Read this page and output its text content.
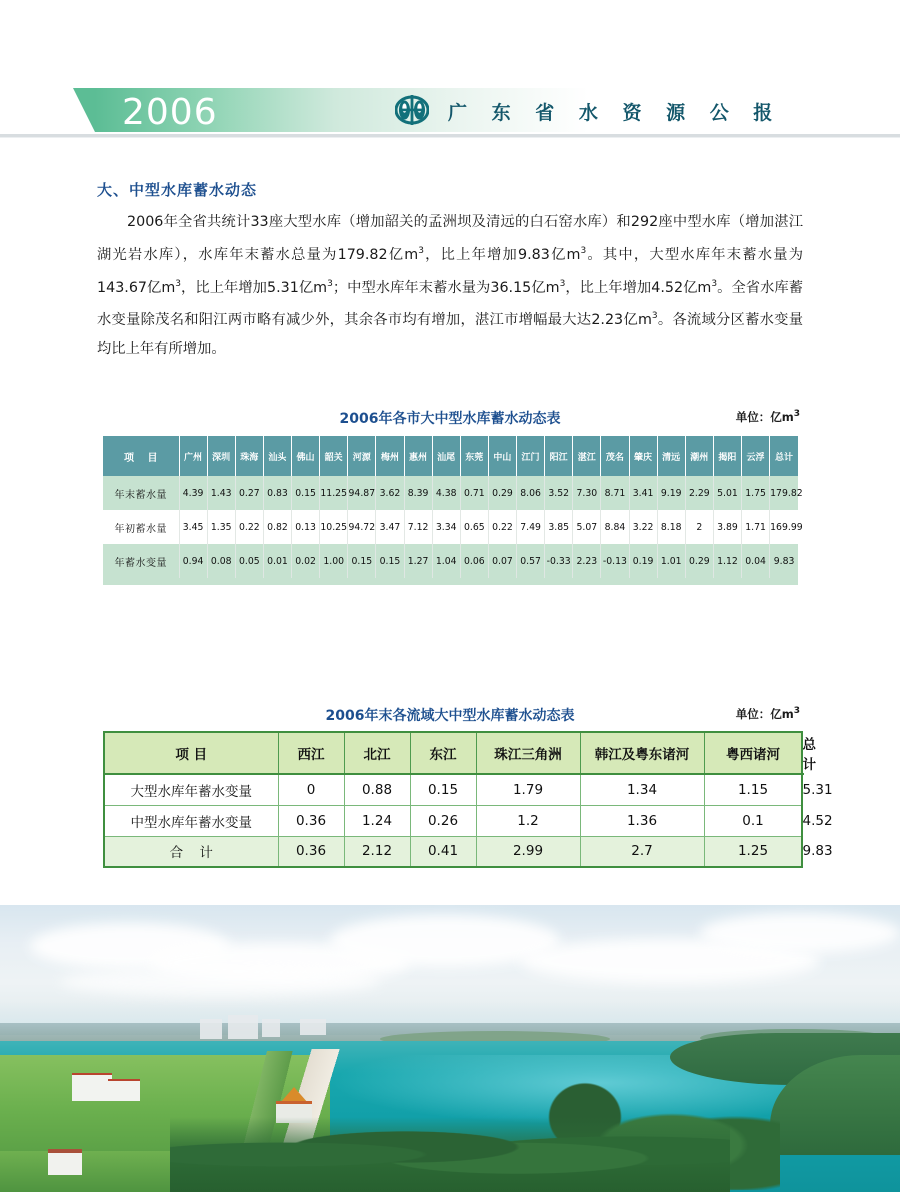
2006	广 东 省 水 资 源 公 报
大、中型水库蓄水动态
2006年全省共统计33座大型水库（增加韶关的孟洲坝及清远的白石窑水库）和292座中型水库（增加湛江湖光岩水库），水库年末蓄水总量为179.82亿$m^3$，比上年增加9.83亿$m^3$。其中，大型水库年末蓄水量为143.67亿$m^3$，比上年增加5.31亿$m^3$；中型水库年末蓄水量为36.15亿$m^3$，比上年增加4.52亿$m^3$。全省水库蓄水变量除茂名和阳江两市略有减少外，其余各市均有增加，湛江市增幅最大达2.23亿$m^3$。各流域分区蓄水变量均比上年有所增加。
2006年各市大中型水库蓄水动态表	单位：亿$m^3$
项 目	广州	深圳	珠海	汕头	佛山	韶关	河源	梅州	惠州	汕尾	东莞	中山	江门	阳江	湛江	茂名	肇庆	清远	潮州	揭阳	云浮	总计
年末蓄水量	4.39	1.43	0.27	0.83	0.15	11.25	94.87	3.62	8.39	4.38	0.71	0.29	8.06	3.52	7.30	8.71	3.41	9.19	2.29	5.01	1.75	179.82
年初蓄水量	3.45	1.35	0.22	0.82	0.13	10.25	94.72	3.47	7.12	3.34	0.65	0.22	7.49	3.85	5.07	8.84	3.22	8.18	2	3.89	1.71	169.99
年蓄水变量	0.94	0.08	0.05	0.01	0.02	1.00	0.15	0.15	1.27	1.04	0.06	0.07	0.57	-0.33	2.23	-0.13	0.19	1.01	0.29	1.12	0.04	9.83
2006年末各流域大中型水库蓄水动态表	单位：亿$m^3$
项 目	西江	北江	东江	珠江三角洲	韩江及粤东诸河	粤西诸河	总计
大型水库年蓄水变量	0	0.88	0.15	1.79	1.34	1.15	5.31
中型水库年蓄水变量	0.36	1.24	0.26	1.2	1.36	0.1	4.52
合 计	0.36	2.12	0.41	2.99	2.7	1.25	9.83
